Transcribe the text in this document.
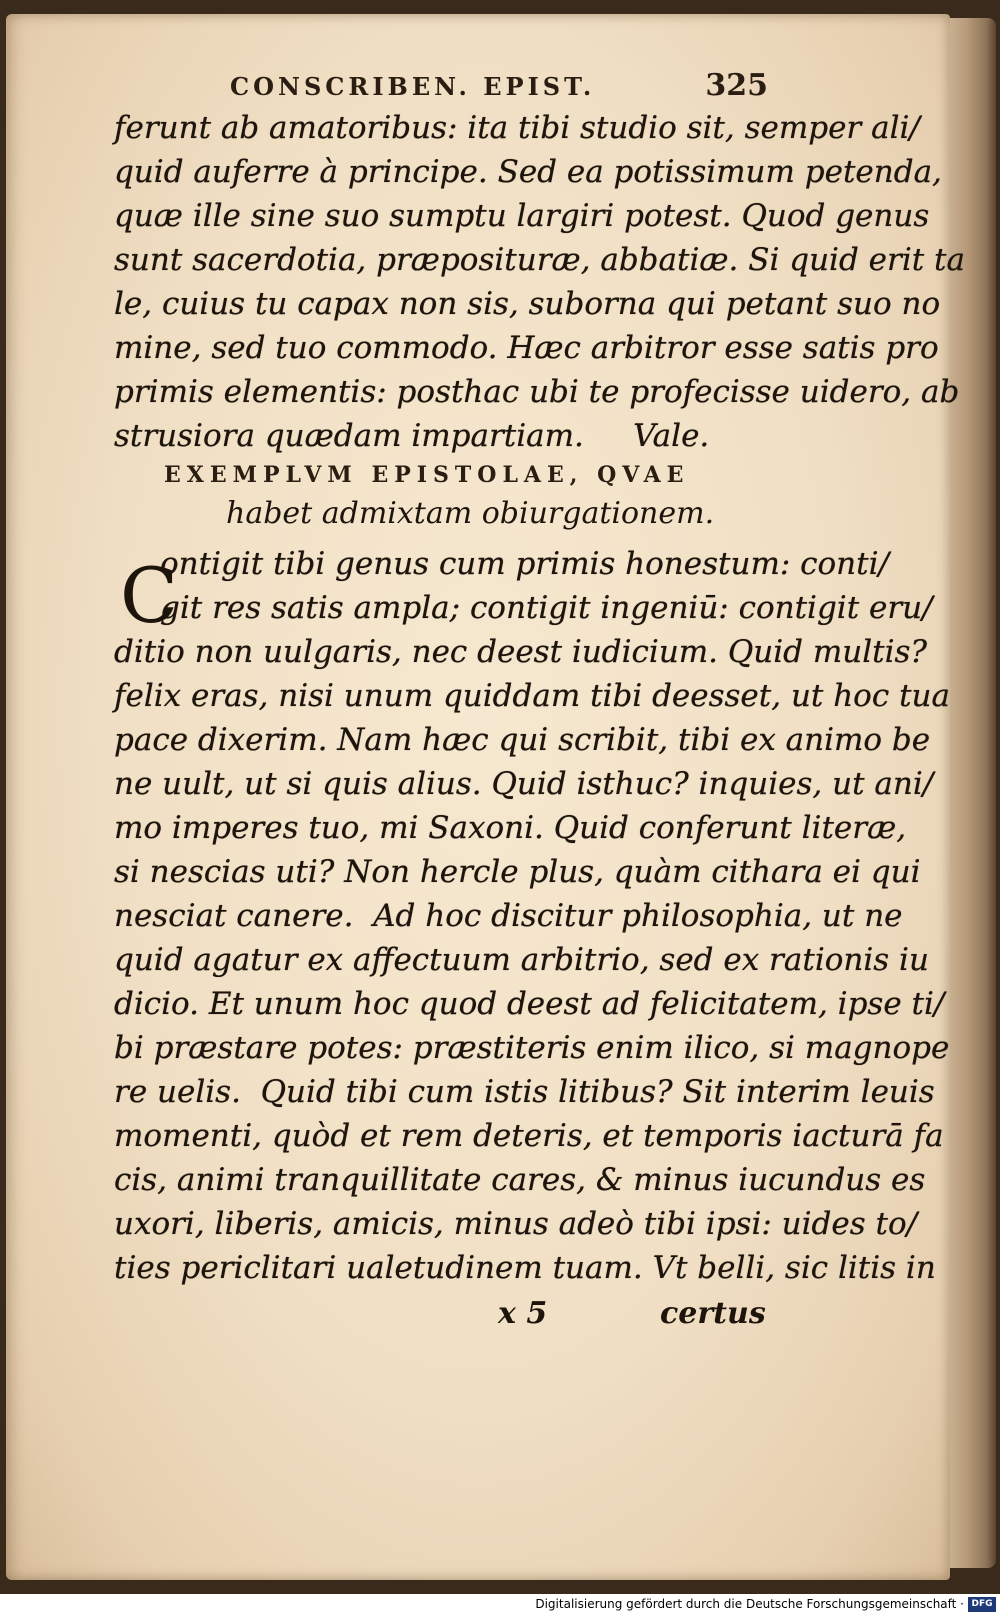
CONSCRIBEN. EPIST.	325
ferunt ab amatoribus: ita tibi studio sit, semper ali/
quid auferre à principe. Sed ea potissimum petenda,
quæ ille sine suo sumptu largiri potest. Quod genus
sunt sacerdotia, præposituræ, abbatiæ. Si quid erit ta
le, cuius tu capax non sis, suborna qui petant suo no
mine, sed tuo commodo. Hæc arbitror esse satis pro
primis elementis: posthac ubi te profecisse uidero, ab
strusiora quædam impartiam.     Vale.
EXEMPLVM EPISTOLAE, QVAE
habet admixtam obiurgationem.
C
ontigit tibi genus cum primis honestum: conti/
git res satis ampla; contigit ingeniū: contigit eru/
ditio non uulgaris, nec deest iudicium. Quid multis?
felix eras, nisi unum quiddam tibi deesset, ut hoc tua
pace dixerim. Nam hæc qui scribit, tibi ex animo be
ne uult, ut si quis alius. Quid isthuc? inquies, ut ani/
mo imperes tuo, mi Saxoni. Quid conferunt literæ,
si nescias uti? Non hercle plus, quàm cithara ei qui
nesciat canere.  Ad hoc discitur philosophia, ut ne
quid agatur ex affectuum arbitrio, sed ex rationis iu
dicio. Et unum hoc quod deest ad felicitatem, ipse ti/
bi præstare potes: præstiteris enim ilico, si magnope
re uelis.  Quid tibi cum istis litibus? Sit interim leuis
momenti, quòd et rem deteris, et temporis iacturā fa
cis, animi tranquillitate cares, & minus iucundus es
uxori, liberis, amicis, minus adeò tibi ipsi: uides to/
ties periclitari ualetudinem tuam. Vt belli, sic litis in
x 5	certus
Digitalisierung gefördert durch die Deutsche Forschungsgemeinschaft · DFG
